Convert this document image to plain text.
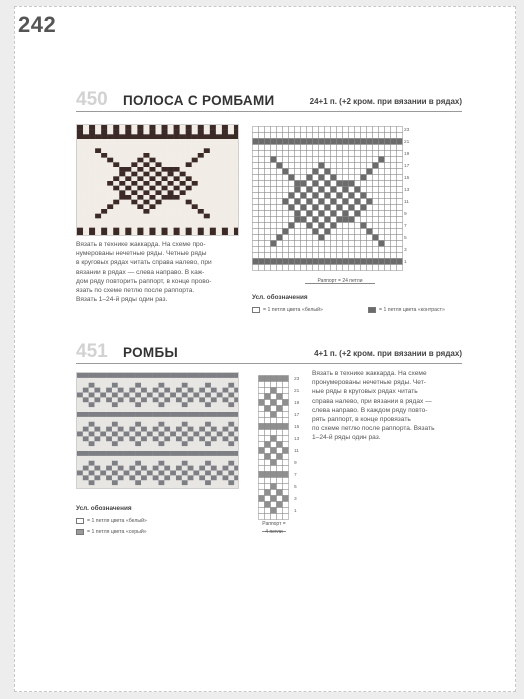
242
450 ПОЛОСА С РОМБАМИ	24+1 п. (+2 кром. при вязании в рядах)
Вязать в технике жаккарда. На схеме про-
нумерованы нечетные ряды. Четные ряды
в круговых рядах читать справа налево, при
вязании в рядах — слева направо. В каж-
дом ряду повторить раппорт, в конце прово-
язать по схеме петлю после раппорта.
Вязать 1–24-й ряды один раз.
23
21
19
17
15
13
11
9
7
5
3
1
Раппорт = 24 петли
Усл. обозначения
= 1 петля цвета «белый»	= 1 петля цвета «контраст»
451 РОМБЫ	4+1 п. (+2 кром. при вязании в рядах)
Усл. обозначения
= 1 петля цвета «белый»
= 1 петля цвета «серый»
23
21
19
17
15
13
11
9
7
5
3
1
Раппорт =
4 петли
Вязать в технике жаккарда. На схеме
пронумерованы нечетные ряды. Чет-
ные ряды в круговых рядах читать
справа налево, при вязании в рядах —
слева направо. В каждом ряду повто-
рять раппорт, в конце провязать
по схеме петлю после раппорта. Вязать
1–24-й ряды один раз.
